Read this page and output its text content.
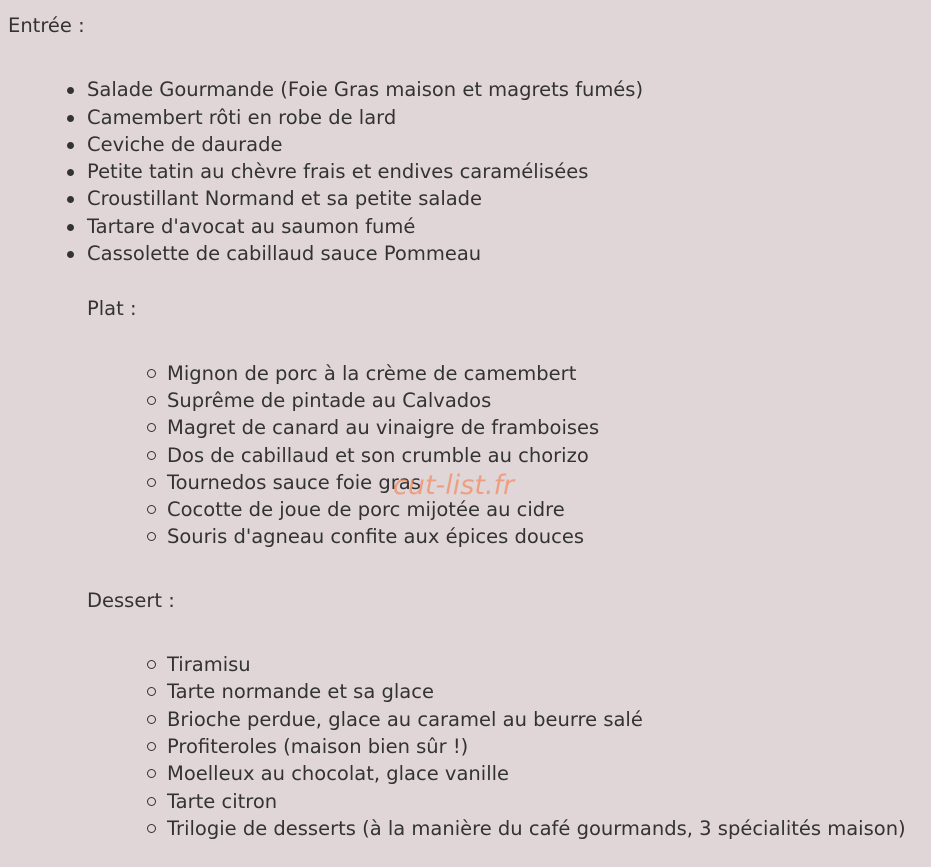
Entrée :

Salade Gourmande (Foie Gras maison et magrets fumés)
Camembert rôti en robe de lard
Ceviche de daurade
Petite tatin au chèvre frais et endives caramélisées
Croustillant Normand et sa petite salade
Tartare d'avocat au saumon fumé
Cassolette de cabillaud sauce Pommeau

Plat :

Mignon de porc à la crème de camembert
Suprême de pintade au Calvados
Magret de canard au vinaigre de framboises
Dos de cabillaud et son crumble au chorizo
Tournedos sauce foie gras
Cocotte de joue de porc mijotée au cidre
Souris d'agneau confite aux épices douces

Dessert :

Tiramisu
Tarte normande et sa glace
Brioche perdue, glace au caramel au beurre salé
Profiteroles (maison bien sûr !)
Moelleux au chocolat, glace vanille
Tarte citron
Trilogie de desserts (à la manière du café gourmands, 3 spécialités maison)
cut-list.fr
